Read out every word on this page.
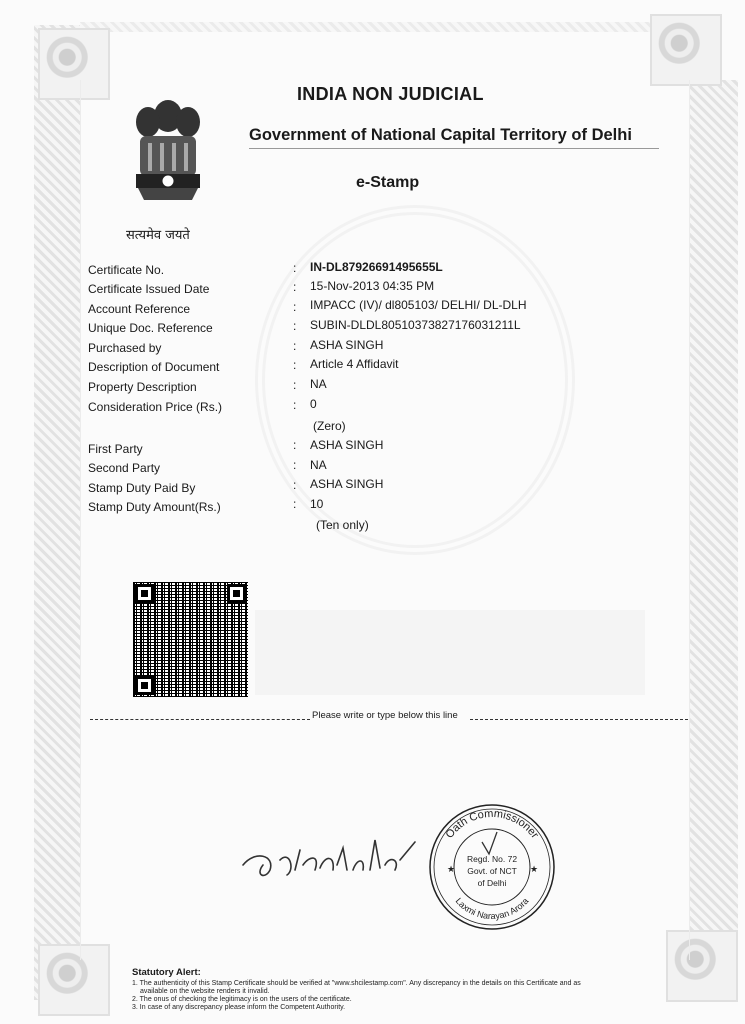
सत्यमेव जयते
INDIA NON JUDICIAL
Government of National Capital Territory of Delhi
e-Stamp
Certificate No.	: IN-DL87926691495655L
Certificate Issued Date	: 15-Nov-2013 04:35 PM
Account Reference	: IMPACC (IV)/ dl805103/ DELHI/ DL-DLH
Unique Doc. Reference	: SUBIN-DLDL80510373827176031211L
Purchased by	: ASHA SINGH
Description of Document	: Article 4 Affidavit
Property Description	: NA
Consideration Price (Rs.)	: 0
(Zero)
First Party	: ASHA SINGH
Second Party	: NA
Stamp Duty Paid By	: ASHA SINGH
Stamp Duty Amount(Rs.)	: 10
(Ten only)
Please write or type below this line
Oath Commissioner
Laxmi Narayan Arora
Regd. No. 72
Govt. of NCT
of Delhi
★	★
Statutory Alert:
1. The authenticity of this Stamp Certificate should be verified at "www.shcilestamp.com". Any discrepancy in the details on this Certificate and as
available on the website renders it invalid.
2. The onus of checking the legitimacy is on the users of the certificate.
3. In case of any discrepancy please inform the Competent Authority.
